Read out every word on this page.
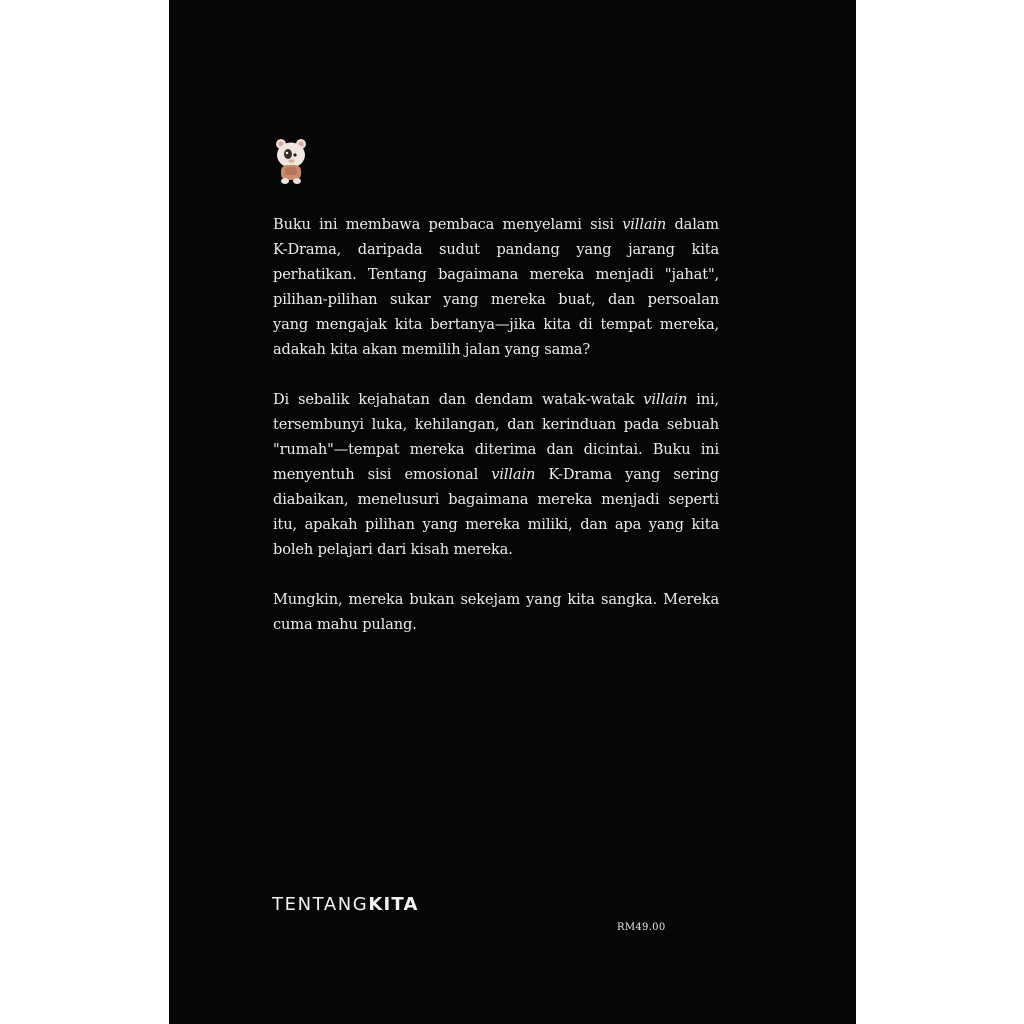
Buku ini membawa pembaca menyelami sisi villain dalam
K-Drama, daripada sudut pandang yang jarang kita
perhatikan. Tentang bagaimana mereka menjadi "jahat",
pilihan-pilihan sukar yang mereka buat, dan persoalan
yang mengajak kita bertanya—jika kita di tempat mereka,
adakah kita akan memilih jalan yang sama?

Di sebalik kejahatan dan dendam watak-watak villain ini,
tersembunyi luka, kehilangan, dan kerinduan pada sebuah
"rumah"—tempat mereka diterima dan dicintai. Buku ini
menyentuh sisi emosional villain K-Drama yang sering
diabaikan, menelusuri bagaimana mereka menjadi seperti
itu, apakah pilihan yang mereka miliki, dan apa yang kita
boleh pelajari dari kisah mereka.

Mungkin, mereka bukan sekejam yang kita sangka. Mereka
cuma mahu pulang.

TENTANGKITA
RM49.00
